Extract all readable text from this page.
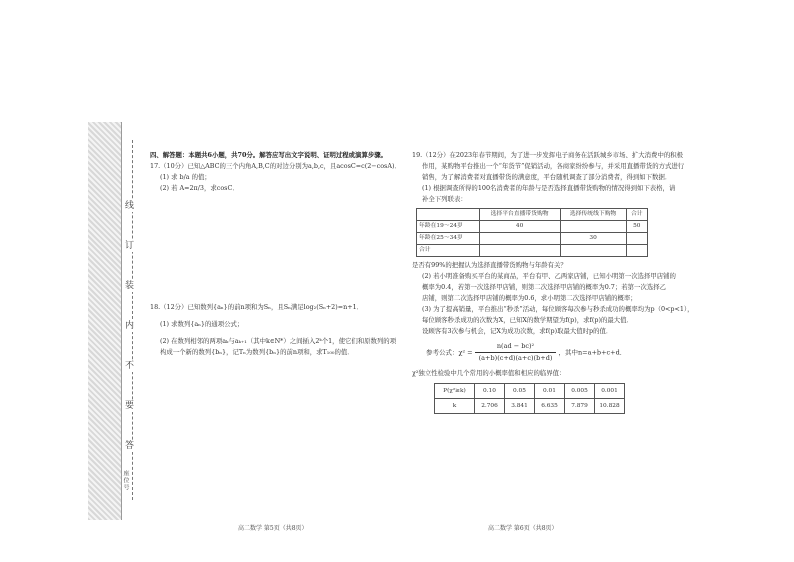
线
订
装
内
不
要
答
座位号
四、解答题：本题共6小题，共70分。解答应写出文字说明、证明过程或演算步骤。
17.（10分）已知△ABC的三个内角A,B,C的对边分别为a,b,c，且acosC=c(2−cosA)．
(1) 求 b/a 的值；
(2) 若 A=2π/3，求cosC．
18.（12分）已知数列{aₙ}的前n项和为Sₙ，且Sₙ满足log₂(Sₙ+2)=n+1．
(1) 求数列{aₙ}的通项公式；
(2) 在数列相邻的两项aₖ与aₖ₊₁（其中k∈N*）之间插入2ᵏ个1，使它们和原数列的项
构成一个新的数列{bₙ}，记Tₙ为数列{bₙ}的前n项和，求T₁₀₀的值．
19.（12分）在2023年春节期间，为了进一步发挥电子商务在活跃城乡市场、扩大消费中的积极
作用，某购物平台推出一个“年货节”促销活动，各商家纷纷参与，并采用直播带货的方式进行
销售，为了解消费者对直播带货的满意度，平台随机调查了部分消费者，得到如下数据．
(1) 根据调查所得的100名消费者的年龄与是否选择直播带货购物的情况得到如下表格，请
补全下列联表：
	选择平台直播带货购物	选择传统线下购物	合计
年龄在19～24岁	40		50
年龄在25～34岁		30	
合计			
是否有99%的把握认为选择直播带货购物与年龄有关？
(2) 若小明准备购买平台的某商品，平台有甲、乙两家店铺，已知小明第一次选择甲店铺的
概率为0.4，若第一次选择甲店铺，则第二次选择甲店铺的概率为0.7；若第一次选择乙
店铺，则第二次选择甲店铺的概率为0.6，求小明第二次选择甲店铺的概率；
(3) 为了提高销量，平台推出“秒杀”活动，每位顾客每次参与秒杀成功的概率均为p（0<p<1），
每位顾客秒杀成功的次数为X，已知X的数学期望为f(p)，求f(p)的最大值．
设顾客有3次参与机会，记X为成功次数，求f(p)取最大值时p的值．
参考公式：$\chi^2 = \frac{\text{n(ad − bc)²}}{(a+b)(c+d)(a+c)(b+d)}$ ，其中n=a+b+c+d．
χ²独立性检验中几个常用的小概率值和相应的临界值：
P(χ²≥k)	0.10	0.05	0.01	0.005	0.001
k	2.706	3.841	6.635	7.879	10.828
高二数学 第5页（共8页）	高二数学 第6页（共8页）
